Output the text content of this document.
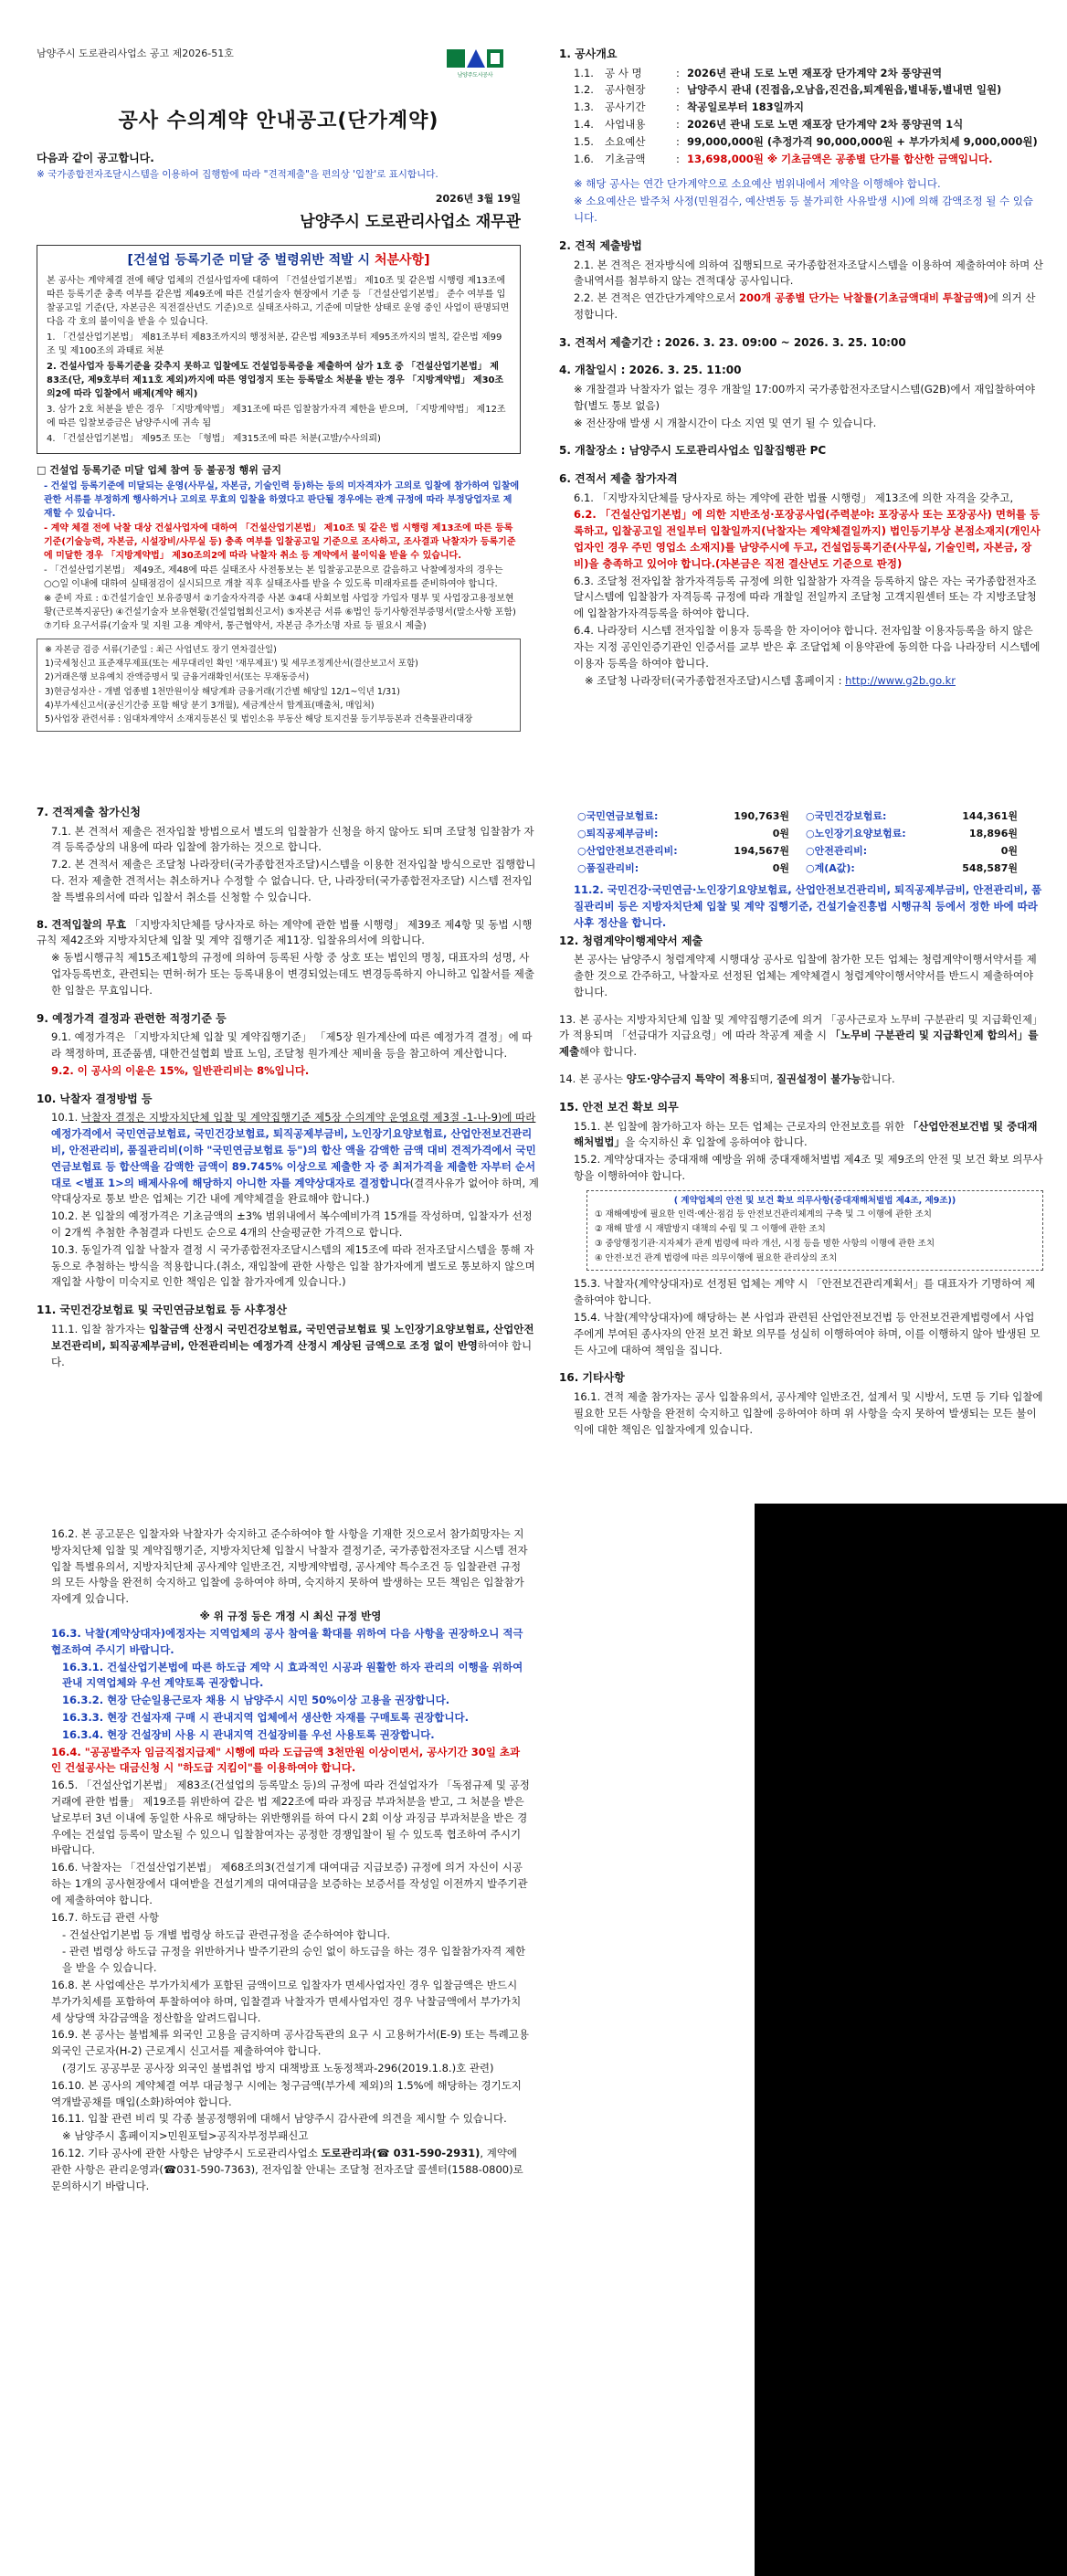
남양주시 도로관리사업소 공고 제2026-51호
남양주도시공사
공사 수의계약 안내공고(단가계약)
다음과 같이 공고합니다.
※ 국가종합전자조달시스템을 이용하여 집행함에 따라 "견적제출"을 편의상 '입찰'로 표시합니다.
2026년 3월 19일
남양주시 도로관리사업소 재무관
[건설업 등록기준 미달 중 벌령위반 적발 시 처분사항]

본 공사는 계약체결 전에 해당 업체의 건설사업자에 대하여 「건설산업기본법」 제10조 및 같은법 시행령 제13조에 따른 등록기준 충족 여부를 같은법 제49조에 따른 건설기술자 현장에서 기준 등 「건설산업기본법」 준수 여부를 입찰공고일 기준(단, 자본금은 직전결산년도 기준)으로 실태조사하고, 기준에 미달한 상태로 운영 중인 사업이 판명되면 다음 각 호의 불이익을 받을 수 있습니다.

1. 「건설산업기본법」 제81조부터 제83조까지의 행정처분, 같은법 제93조부터 제95조까지의 벌칙, 같은법 제99조 및 제100조의 과태료 처분

2. 건설사업자 등록기준을 갖추지 못하고 입찰에도 건설업등록증을 제출하여 삼가 1호 중 「건설산업기본법」 제83조(단, 제9호부터 제11호 제외)까지에 따른 영업정지 또는 등록말소 처분을 받는 경우 「지방계약법」 제30조의2에 따라 입찰에서 배제(계약 해지)

3. 삼가 2호 처분을 받은 경우 「지방계약법」 제31조에 따른 입찰참가자격 제한을 받으며, 「지방계약법」 제12조에 따른 입찰보증금은 남양주시에 귀속 됨

4. 「건설산업기본법」 제95조 또는 「형법」 제315조에 따른 처분(고발/수사의뢰)

□ 건설업 등록기준 미달 업체 참여 등 불공정 행위 금지

- 건설업 등록기준에 미달되는 운영(사무실, 자본금, 기술인력 등)하는 등의 미자격자가 고의로 입찰에 참가하여 입찰에 관한 서류를 부정하게 행사하거나 고의로 무효의 입찰을 하였다고 판단될 경우에는 관계 규정에 따라 부정당업자로 제재할 수 있습니다.

- 계약 체결 전에 낙찰 대상 건설사업자에 대하여 「건설산업기본법」 제10조 및 같은 법 시행령 제13조에 따른 등록기준(기술능력, 자본금, 시설장비/사무실 등) 충족 여부를 입찰공고일 기준으로 조사하고, 조사결과 낙찰자가 등록기준에 미달한 경우 「지방계약법」 제30조의2에 따라 낙찰자 취소 등 계약에서 불이익을 받을 수 있습니다.

- 「건설산업기본법」 제49조, 제48에 따른 실태조사 사전통보는 본 입찰공고문으로 갈음하고 낙찰예정자의 경우는 ○○일 이내에 대하여 실태점검이 실시되므로 개찰 직후 실태조사를 받을 수 있도록 미래자료를 준비하여야 합니다.

※ 준비 자료 : ①건설기술인 보유증명서 ②기술자자격증 사본 ③4대 사회보험 사업장 가입자 명부 및 사업장고용정보현황(근로복지공단) ④건설기술자 보유현황(건설업협회신고서) ⑤자본금 서류 ⑥법인 등기사항전부증명서(말소사항 포함) ⑦기타 요구서류(기술자 및 지원 고용 계약서, 통근협약서, 자본금 추가소명 자료 등 필요시 제출)

※ 자본금 검증 서류(기준일 : 최근 사업년도 장기 연차결산일)

1)국세청신고 표준재무제표(또는 세무대리인 확인 '재무제표') 및 세무조정계산서(결산보고서 포함)

2)거래은행 보유예치 잔액증명서 및 금융거래확인서(또는 무재동증서)

3)현금성자산 - 개별 업종별 1천만원이상 해당계좌 금융거래(기간별 해당일 12/1~익년 1/31)

4)부가세신고서(공신기간중 포함 해당 분기 3개월), 세금계산서 합계표(매출처, 매입처)

5)사업장 관련서류 : 임대차계약서 소재지등본신 및 법인소유 부동산 해당 토지건물 등기부등본과 건축물관리대장

1. 공사개요
1.1.	공 사 명	: 2026년 관내 도로 노면 재포장 단가계약 2차 풍양권역
1.2.	공사현장	: 남양주시 관내 (진접읍,오남읍,진건읍,퇴계원읍,별내동,별내면 일원)
1.3.	공사기간	: 착공일로부터 183일까지
1.4.	사업내용	: 2026년 관내 도로 노면 재포장 단가계약 2차 풍양권역 1식
1.5.	소요예산	: 99,000,000원 (추정가격 90,000,000원 + 부가가치세 9,000,000원)
1.6.	기초금액	: 13,698,000원 ※ 기초금액은 공종별 단가를 합산한 금액입니다.
※ 해당 공사는 연간 단가계약으로 소요예산 범위내에서 계약을 이행해야 합니다.
※ 소요예산은 발주처 사정(민원검수, 예산변동 등 불가피한 사유발생 시)에 의해 감액조정 될 수 있습니다.
2. 견적 제출방법
2.1. 본 견적은 전자방식에 의하여 집행되므로 국가종합전자조달시스템을 이용하여 제출하여야 하며 산출내역서를 첨부하지 않는 견적대상 공사입니다.
2.2. 본 견적은 연간단가계약으로서 200개 공종별 단가는 낙찰률(기초금액대비 투찰금액)에 의거 산정합니다.
3. 견적서 제출기간 : 2026. 3. 23. 09:00 ~ 2026. 3. 25. 10:00
4. 개찰일시 : 2026. 3. 25. 11:00
※ 개찰결과 낙찰자가 없는 경우 개찰일 17:00까지 국가종합전자조달시스템(G2B)에서 재입찰하여야 함(별도 통보 없음)
※ 전산장애 발생 시 개찰시간이 다소 지연 및 연기 될 수 있습니다.
5. 개찰장소 : 남양주시 도로관리사업소 입찰집행관 PC
6. 견적서 제출 참가자격
6.1. 「지방자치단체를 당사자로 하는 계약에 관한 법률 시행령」 제13조에 의한 자격을 갖추고,
6.2. 「건설산업기본법」에 의한 지반조성·포장공사업(주력분야: 포장공사 또는 포장공사) 면허를 등록하고, 입찰공고일 전일부터 입찰일까지(낙찰자는 계약체결일까지) 법인등기부상 본점소재지(개인사업자인 경우 주민 영업소 소재지)를 남양주시에 두고, 건설업등록기준(사무실, 기술인력, 자본금, 장비)을 충족하고 있어야 합니다.(자본금은 직전 결산년도 기준으로 판정)
6.3. 조달청 전자입찰 참가자격등록 규정에 의한 입찰참가 자격을 등록하지 않은 자는 국가종합전자조달시스템에 입찰참가 자격등록 규정에 따라 개찰일 전일까지 조달청 고객지원센터 또는 각 지방조달청에 입찰참가자격등록을 하여야 합니다.
6.4. 나라장터 시스템 전자입찰 이용자 등록을 한 자이어야 합니다. 전자입찰 이용자등록을 하지 않은 자는 지정 공인인증기관인 인증서를 교부 받은 후 조달업체 이용약관에 동의한 다음 나라장터 시스템에 이용자 등록을 하여야 합니다.
※ 조달청 나라장터(국가종합전자조달)시스템 홈페이지 : http://www.g2b.go.kr
7. 견적제출 참가신청
7.1. 본 견적서 제출은 전자입찰 방법으로서 별도의 입찰참가 신청을 하지 않아도 되며 조달청 입찰참가 자격 등록증상의 내용에 따라 입찰에 참가하는 것으로 합니다.
7.2. 본 견적서 제출은 조달청 나라장터(국가종합전자조달)시스템을 이용한 전자입찰 방식으로만 집행합니다. 전자 제출한 견적서는 취소하거나 수정할 수 없습니다. 단, 나라장터(국가종합전자조달) 시스템 전자입찰 특별유의서에 따라 입찰서 취소를 신청할 수 있습니다.
8. 견적입찰의 무효 「지방자치단체를 당사자로 하는 계약에 관한 법률 시행령」 제39조 제4항 및 동법 시행규칙 제42조와 지방자치단체 입찰 및 계약 집행기준 제11장. 입찰유의서에 의합니다.
※ 동법시행규칙 제15조제1항의 규정에 의하여 등록된 사항 중 상호 또는 법인의 명칭, 대표자의 성명, 사업자등록번호, 관련되는 면허·허가 또는 등록내용이 변경되었는데도 변경등록하지 아니하고 입찰서를 제출한 입찰은 무효입니다.
9. 예정가격 결정과 관련한 적정기준 등
9.1. 예정가격은 「지방자치단체 입찰 및 계약집행기준」 「제5장 원가계산에 따른 예정가격 결정」에 따라 책정하며, 표준품셈, 대한건설협회 발표 노임, 조달청 원가계산 제비율 등을 참고하여 계산합니다.
9.2. 이 공사의 이윤은 15%, 일반관리비는 8%입니다.
10. 낙찰자 결정방법 등
10.1. 낙찰자 결정은 지방자치단체 입찰 및 계약집행기준 제5장 수의계약 운영요령 제3절 -1-나-9)에 따라 예정가격에서 국민연금보험료, 국민건강보험료, 퇴직공제부금비, 노인장기요양보험료, 산업안전보건관리비, 안전관리비, 품질관리비(이하 "국민연금보험료 등")의 합산 액을 감액한 금액 대비 견적가격에서 국민연금보험료 등 합산액을 감액한 금액이 89.745% 이상으로 제출한 자 중 최저가격을 제출한 자부터 순서대로 <별표 1>의 배제사유에 해당하지 아니한 자를 계약상대자로 결정합니다(결격사유가 없어야 하며, 계약대상자로 통보 받은 업체는 기간 내에 계약체결을 완료해야 합니다.)
10.2. 본 입찰의 예정가격은 기초금액의 ±3% 범위내에서 복수예비가격 15개를 작성하며, 입찰자가 선정이 2개씩 추첨한 추첨결과 다빈도 순으로 4개의 산술평균한 가격으로 합니다.
10.3. 동일가격 입찰 낙찰자 결정 시 국가종합전자조달시스템의 제15조에 따라 전자조달시스템을 통해 자동으로 추첨하는 방식을 적용합니다.(취소, 재입찰에 관한 사항은 입찰 참가자에게 별도로 통보하지 않으며 재입찰 사항이 미숙지로 인한 책임은 입찰 참가자에게 있습니다.)
11. 국민건강보험료 및 국민연금보험료 등 사후정산
11.1. 입찰 참가자는 입찰금액 산정시 국민건강보험료, 국민연금보험료 및 노인장기요양보험료, 산업안전보건관리비, 퇴직공제부금비, 안전관리비는 예정가격 산정시 계상된 금액으로 조정 없이 반영하여야 합니다.
○국민연금보험료:	190,763원	○국민건강보험료:	144,361원
○퇴직공제부금비:	0원	○노인장기요양보험료:	18,896원
○산업안전보건관리비:	194,567원	○안전관리비:	0원
○품질관리비:	0원	○계(A값):	548,587원
11.2. 국민건강·국민연금·노인장기요양보험료, 산업안전보건관리비, 퇴직공제부금비, 안전관리비, 품질관리비 등은 지방자치단체 입찰 및 계약 집행기준, 건설기술진흥법 시행규칙 등에서 정한 바에 따라 사후 정산을 합니다.
12. 청렴계약이행제약서 제출
본 공사는 남양주시 청렴계약제 시행대상 공사로 입찰에 참가한 모든 업체는 청렴계약이행서약서를 제출한 것으로 간주하고, 낙찰자로 선정된 업체는 계약체결시 청렴계약이행서약서를 반드시 제출하여야 합니다.
13. 본 공사는 지방자치단체 입찰 및 계약집행기준에 의거 「공사근로자 노무비 구분관리 및 지급확인제」가 적용되며 「선급대가 지급요령」에 따라 착공계 제출 시 「노무비 구분관리 및 지급확인제 합의서」를 제출해야 합니다.
14. 본 공사는 양도·양수금지 특약이 적용되며, 질권설정이 불가능합니다.
15. 안전 보건 확보 의무
15.1. 본 입찰에 참가하고자 하는 모든 업체는 근로자의 안전보호를 위한 「산업안전보건법 및 중대재해처벌법」을 숙지하신 후 입찰에 응하여야 합니다.
15.2. 계약상대자는 중대재해 예방을 위해 중대재해처벌법 제4조 및 제9조의 안전 및 보건 확보 의무사항을 이행하여야 합니다.
( 계약업체의 안전 및 보건 확보 의무사항(중대재해처벌법 제4조, 제9조))

① 재해예방에 필요한 인력·예산·점검 등 안전보건관리체계의 구축 및 그 이행에 관한 조치

② 재해 발생 시 재발방지 대책의 수립 및 그 이행에 관한 조치

③ 중앙행정기관·지자체가 관계 법령에 따라 개선, 시정 등을 명한 사항의 이행에 관한 조치

④ 안전·보건 관계 법령에 따른 의무이행에 필요한 관리상의 조치

15.3. 낙찰자(계약상대자)로 선정된 업체는 계약 시 「안전보건관리계획서」를 대표자가 기명하여 제출하여야 합니다.
15.4. 낙찰(계약상대자)에 해당하는 본 사업과 관련된 산업안전보건법 등 안전보건관계법령에서 사업주에게 부여된 종사자의 안전 보건 확보 의무를 성실히 이행하여야 하며, 이를 이행하지 않아 발생된 모든 사고에 대하여 책임을 집니다.
16. 기타사항
16.1. 견적 제출 참가자는 공사 입찰유의서, 공사계약 일반조건, 설계서 및 시방서, 도면 등 기타 입찰에 필요한 모든 사항을 완전히 숙지하고 입찰에 응하여야 하며 위 사항을 숙지 못하여 발생되는 모든 불이익에 대한 책임은 입찰자에게 있습니다.
16.2. 본 공고문은 입찰자와 낙찰자가 숙지하고 준수하여야 할 사항을 기재한 것으로서 참가희망자는 지방자치단체 입찰 및 계약집행기준, 지방자치단체 입찰시 낙찰자 결정기준, 국가종합전자조달 시스템 전자입찰 특별유의서, 지방자치단체 공사계약 일반조건, 지방계약법령, 공사계약 특수조건 등 입찰관련 규정의 모든 사항을 완전히 숙지하고 입찰에 응하여야 하며, 숙지하지 못하여 발생하는 모든 책임은 입찰참가자에게 있습니다.
※ 위 규정 등은 개정 시 최신 규정 반영
16.3. 낙찰(계약상대자)에정자는 지역업체의 공사 참여율 확대를 위하여 다음 사항을 권장하오니 적극 협조하여 주시기 바랍니다.
16.3.1. 건설산업기본법에 따른 하도급 계약 시 효과적인 시공과 원활한 하자 관리의 이행을 위하여 관내 지역업체와 우선 계약토록 권장합니다.
16.3.2. 현장 단순일용근로자 채용 시 남양주시 시민 50%이상 고용을 권장합니다.
16.3.3. 현장 건설자재 구매 시 관내지역 업체에서 생산한 자재를 구매토록 권장합니다.
16.3.4. 현장 건설장비 사용 시 관내지역 건설장비를 우선 사용토록 권장합니다.
16.4. "공공발주자 임금직접지급제" 시행에 따라 도급금액 3천만원 이상이면서, 공사기간 30일 초과인 건설공사는 대금신청 시 "하도급 지킴이"를 이용하여야 합니다.
16.5. 「건설산업기본법」 제83조(건설업의 등록말소 등)의 규정에 따라 건설업자가 「독점규제 및 공정거래에 관한 법률」 제19조를 위반하여 같은 법 제22조에 따라 과징금 부과처분을 받고, 그 처분을 받은 날로부터 3년 이내에 동일한 사유로 해당하는 위반행위를 하여 다시 2회 이상 과징금 부과처분을 받은 경우에는 건설업 등록이 말소될 수 있으니 입찰참여자는 공정한 경쟁입찰이 될 수 있도록 협조하여 주시기 바랍니다.
16.6. 낙찰자는 「건설산업기본법」 제68조의3(건설기계 대여대금 지급보증) 규정에 의거 자신이 시공하는 1개의 공사현장에서 대여받을 건설기계의 대여대금을 보증하는 보증서를 작성일 이전까지 발주기관에 제출하여야 합니다.
16.7. 하도급 관련 사항
- 건설산업기본법 등 개별 법령상 하도급 관련규정을 준수하여야 합니다.
- 관련 법령상 하도급 규정을 위반하거나 발주기관의 승인 없이 하도급을 하는 경우 입찰참가자격 제한을 받을 수 있습니다.
16.8. 본 사업예산은 부가가치세가 포함된 금액이므로 입찰자가 면세사업자인 경우 입찰금액은 반드시 부가가치세를 포함하여 투찰하여야 하며, 입찰결과 낙찰자가 면세사업자인 경우 낙찰금액에서 부가가치세 상당액 차감금액을 정산함을 알려드립니다.
16.9. 본 공사는 불법체류 외국인 고용을 금지하며 공사감독관의 요구 시 고용허가서(E-9) 또는 특례고용 외국인 근로자(H-2) 근로계시 신고서를 제출하여야 합니다.
(경기도 공공부문 공사장 외국인 불법취업 방지 대책방표 노동정책과-296(2019.1.8.)호 관련)
16.10. 본 공사의 계약체결 여부 대금청구 시에는 청구금액(부가세 제외)의 1.5%에 해당하는 경기도지역개발공채를 매입(소화)하여야 합니다.
16.11. 입찰 관련 비리 및 각종 불공정행위에 대해서 남양주시 감사관에 의견을 제시할 수 있습니다.
※ 남양주시 홈페이지>민원포털>공직자부정부패신고
16.12. 기타 공사에 관한 사항은 남양주시 도로관리사업소 도로관리과(☎ 031-590-2931), 계약에 관한 사항은 관리운영과(☎031-590-7363), 전자입찰 안내는 조달청 전자조달 콜센터(1588-0800)로 문의하시기 바랍니다.
